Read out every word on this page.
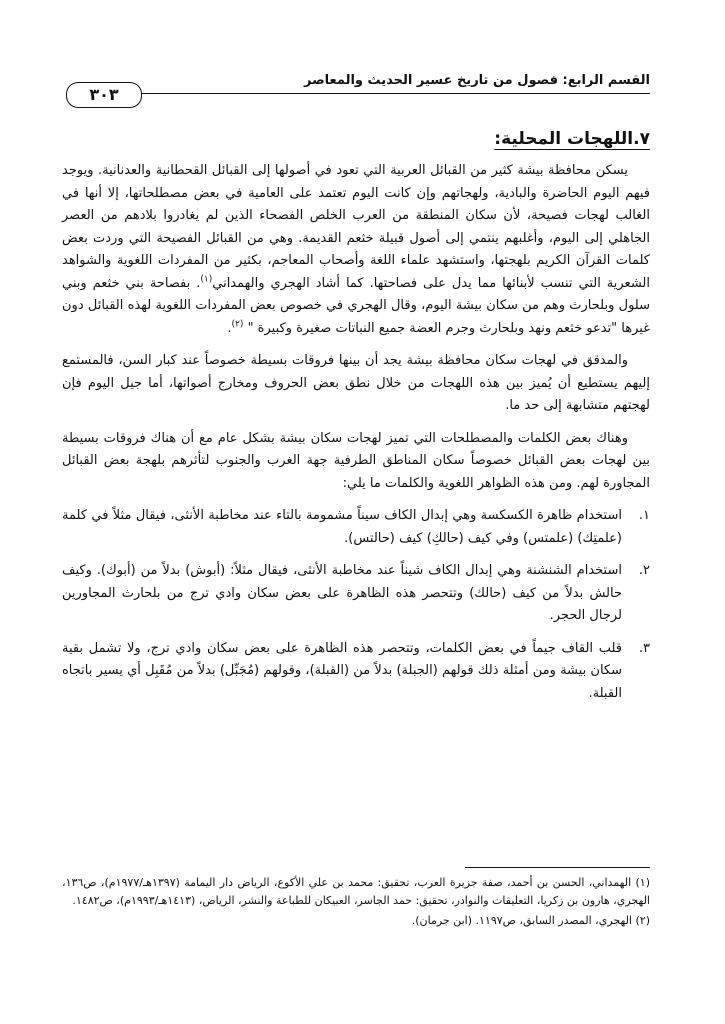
القسم الرابع: فصول من تاريخ عسير الحديث والمعاصر
٣٠٣
٧.اللهجات المحلية:

يسكن محافظة بيشة كثير من القبائل العربية التي تعود في أصولها إلى القبائل القحطانية والعدنانية. ويوجد فيهم اليوم الحاضرة والبادية، ولهجاتهم وإن كانت اليوم تعتمد على العامية في بعض مصطلحاتها، إلا أنها في الغالب لهجات فصيحة، لأن سكان المنطقة من العرب الخلص الفصحاء الذين لم يغادروا بلادهم من العصر الجاهلي إلى اليوم، وأغلبهم ينتمي إلى أصول قبيلة خثعم القديمة. وهي من القبائل الفصيحة التي وردت بعض كلمات القرآن الكريم بلهجتها، واستشهد علماء اللغة وأصحاب المعاجم، بكثير من المفردات اللغوية والشواهد الشعرية التي تنسب لأبنائها مما يدل على فصاحتها. كما أشاد الهجري والهمداني$^{(١)}$. بفصاحة بني خثعم وبني سلول وبلحارث وهم من سكان بيشة اليوم، وقال الهجري في خصوص بعض المفردات اللغوية لهذه القبائل دون غيرها "تدعو خثعم ونهد وبلحارث وجرم العضة جميع النباتات صغيرة وكبيرة " $^{(٢)}$.

والمدقق في لهجات سكان محافظة بيشة يجد أن بينها فروقات بسيطة خصوصاً عند كبار السن، فالمستمع إليهم يستطيع أن يُميز بين هذه اللهجات من خلال نطق بعض الحروف ومخارج أصواتها، أما جيل اليوم فإن لهجتهم متشابهة إلى حد ما.

وهناك بعض الكلمات والمصطلحات التي تميز لهجات سكان بيشة بشكل عام مع أن هناك فروقات بسيطة بين لهجات بعض القبائل خصوصاً سكان المناطق الطرفية جهة الغرب والجنوب لتأثرهم بلهجة بعض القبائل المجاورة لهم. ومن هذه الظواهر اللغوية والكلمات ما يلي:

١.
استخدام ظاهرة الكسكسة وهي إبدال الكاف سيناً مشمومة بالتاء عند مخاطبة الأنثى، فيقال مثلاً في كلمة (علمتِك) (علمتس) وفي كيف (حالكِ) كيف (حالتس).
٢.
استخدام الشنشنة وهي إبدال الكاف شيناً عند مخاطبة الأنثى، فيقال مثلاً: (أبوش) بدلاً من (أبوك). وكيف حالش بدلاً من كيف (حالك) وتتحصر هذه الظاهرة على بعض سكان وادي ترج من بلحارث المجاورين لرجال الحجر.
٣.
قلب القاف جيماً في بعض الكلمات، وتتحصر هذه الظاهرة على بعض سكان وادي ترج، ولا تشمل بقية سكان بيشة ومن أمثلة ذلك قولهم (الجبلة) بدلاً من (القبلة)، وقولهم (مُجَبِّل) بدلاً من مُقَبِل أي يسير باتجاه القبلة.

(١) الهمداني، الحسن بن أحمد، صفة جزيرة العرب، تحقيق: محمد بن علي الأكوع، الرياض دار اليمامة (١٣٩٧هـ/١٩٧٧م)، ص١٣٦، الهجري، هارون بن زكريا، التعليقات والنوادر، تحقيق: حمد الجاسر، العبيكان للطباعة والنشر، الرياض، (١٤١٣هـ/١٩٩٣م)، ص١٤٨٢.

(٢) الهجري، المصدر السابق، ص١١٩٧. (ابن جرمان).
